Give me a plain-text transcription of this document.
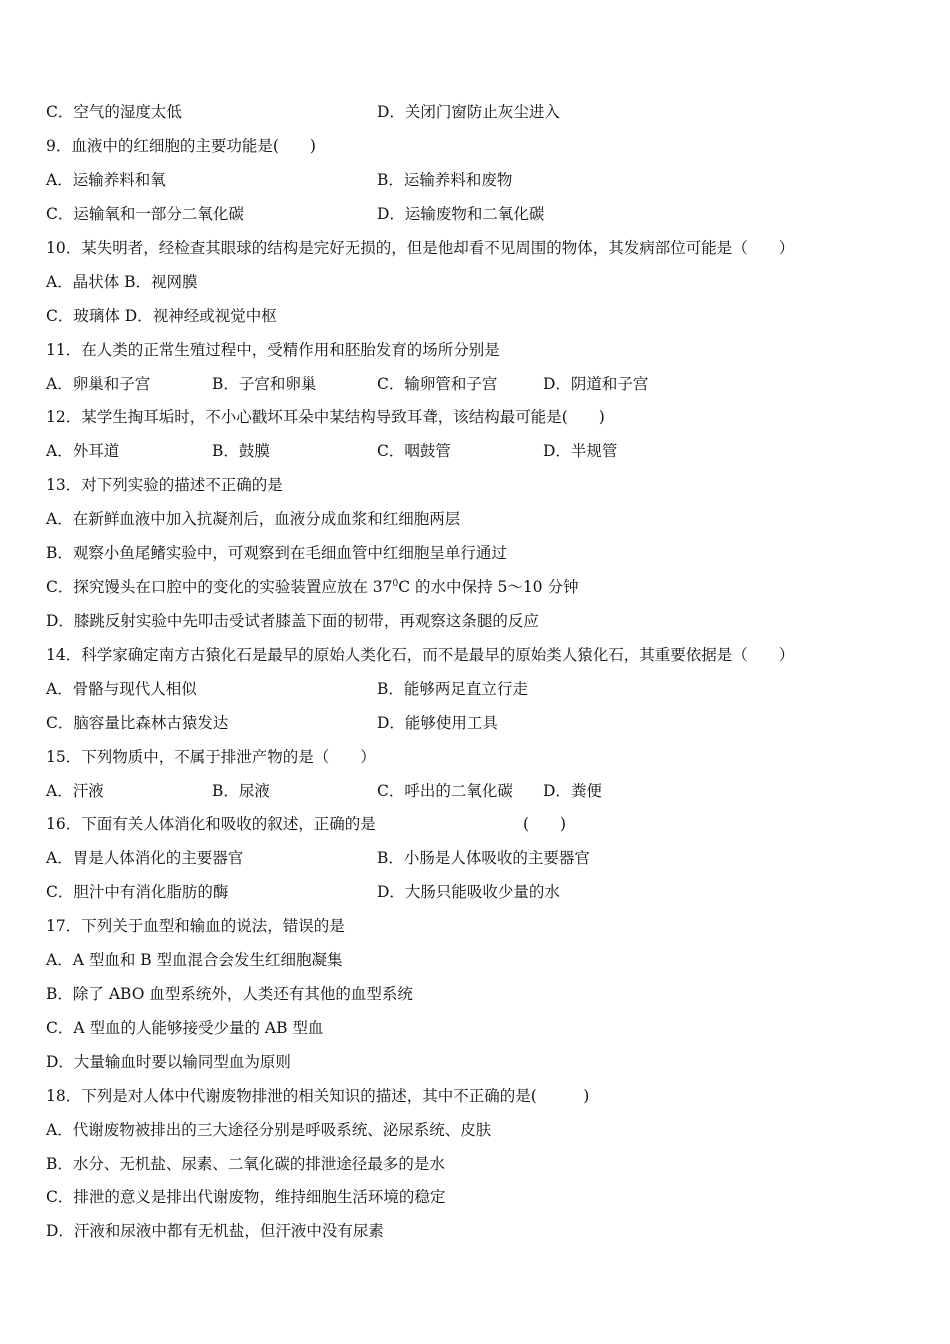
C．空气的湿度太低	D．关闭门窗防止灰尘进入
9．血液中的红细胞的主要功能是(　　)
A．运输养料和氧	B．运输养料和废物
C．运输氧和一部分二氧化碳	D．运输废物和二氧化碳
10．某失明者，经检查其眼球的结构是完好无损的，但是他却看不见周围的物体，其发病部位可能是（　　）
A．晶状体 B．视网膜
C．玻璃体 D．视神经或视觉中枢
11．在人类的正常生殖过程中，受精作用和胚胎发育的场所分别是
A．卵巢和子宫	B．子宫和卵巢	C．输卵管和子宫	D．阴道和子宫
12．某学生掏耳垢时，不小心戳坏耳朵中某结构导致耳聋，该结构最可能是(　　)
A．外耳道	B．鼓膜	C．咽鼓管	D．半规管
13．对下列实验的描述不正确的是
A．在新鲜血液中加入抗凝剂后，血液分成血浆和红细胞两层
B．观察小鱼尾鳍实验中，可观察到在毛细血管中红细胞呈单行通过
C．探究馒头在口腔中的变化的实验装置应放在 $37^0C$ 的水中保持 5～10 分钟
D．膝跳反射实验中先叩击受试者膝盖下面的韧带，再观察这条腿的反应
14．科学家确定南方古猿化石是最早的原始人类化石，而不是最早的原始类人猿化石，其重要依据是（　　）
A．骨骼与现代人相似	B．能够两足直立行走
C．脑容量比森林古猿发达	D．能够使用工具
15．下列物质中，不属于排泄产物的是（　　）
A．汗液	B．尿液	C．呼出的二氧化碳 D．粪便
16．下面有关人体消化和吸收的叙述，正确的是	(　　)
A．胃是人体消化的主要器官	B．小肠是人体吸收的主要器官
C．胆汁中有消化脂肪的酶	D．大肠只能吸收少量的水
17．下列关于血型和输血的说法，错误的是
A．A 型血和 B 型血混合会发生红细胞凝集
B．除了 ABO 血型系统外，人类还有其他的血型系统
C．A 型血的人能够接受少量的 AB 型血
D．大量输血时要以输同型血为原则
18．下列是对人体中代谢废物排泄的相关知识的描述，其中不正确的是(　　　)
A．代谢废物被排出的三大途径分别是呼吸系统、泌尿系统、皮肤
B．水分、无机盐、尿素、二氧化碳的排泄途径最多的是水
C．排泄的意义是排出代谢废物，维持细胞生活环境的稳定
D．汗液和尿液中都有无机盐，但汗液中没有尿素
